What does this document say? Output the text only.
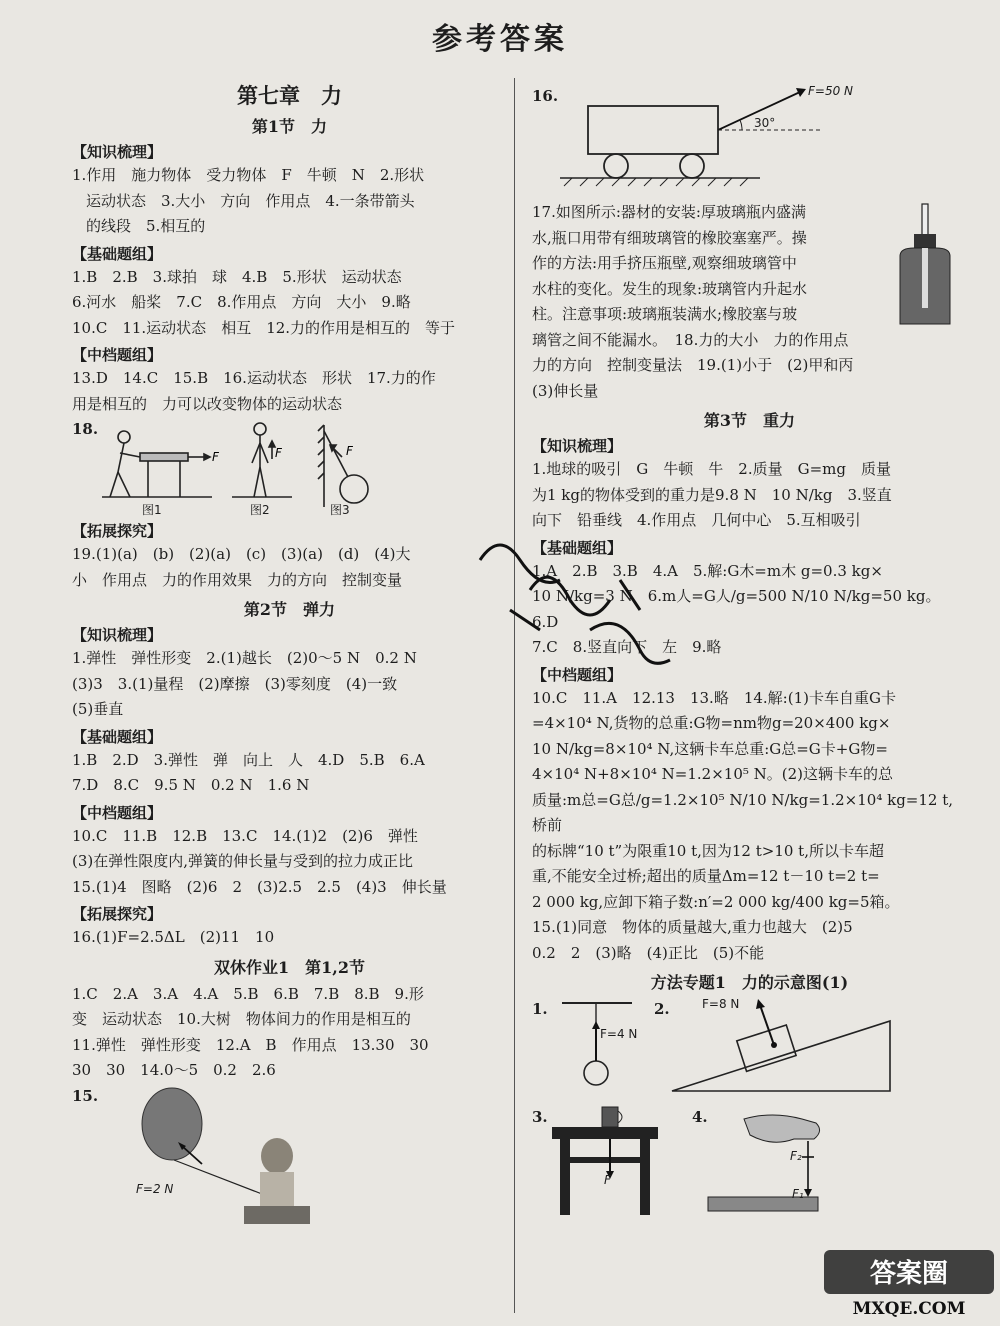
参考答案
第七章　力
第1节　力
【知识梳理】

1.作用　施力物体　受力物体　F　牛顿　N　2.形状

运动状态　3.大小　方向　作用点　4.一条带箭头

的线段　5.相互的

【基础题组】

1.B　2.B　3.球拍　球　4.B　5.形状　运动状态

6.河水　船桨　7.C　8.作用点　方向　大小　9.略

10.C　11.运动状态　相互　12.力的作用是相互的　等于

【中档题组】

13.D　14.C　15.B　16.运动状态　形状　17.力的作

用是相互的　力可以改变物体的运动状态

18.
F	F	F
图1	图2	图3
【拓展探究】

19.(1)(a)　(b)　(2)(a)　(c)　(3)(a)　(d)　(4)大

小　作用点　力的作用效果　力的方向　控制变量

第2节　弹力
【知识梳理】

1.弹性　弹性形变　2.(1)越长　(2)0～5 N　0.2 N

(3)3　3.(1)量程　(2)摩擦　(3)零刻度　(4)一致

(5)垂直

【基础题组】

1.B　2.D　3.弹性　弹　向上　人　4.D　5.B　6.A

7.D　8.C　9.5 N　0.2 N　1.6 N

【中档题组】

10.C　11.B　12.B　13.C　14.(1)2　(2)6　弹性

(3)在弹性限度内,弹簧的伸长量与受到的拉力成正比

15.(1)4　图略　(2)6　2　(3)2.5　2.5　(4)3　伸长量

【拓展探究】

16.(1)F=2.5ΔL　(2)11　10

双休作业1　第1,2节

1.C　2.A　3.A　4.A　5.B　6.B　7.B　8.B　9.形

变　运动状态　10.大树　物体间力的作用是相互的

11.弹性　弹性形变　12.A　B　作用点　13.30　30

30　30　14.0～5　0.2　2.6

15.
F=2 N
16.	F=50 N
30°

17.如图所示:器材的安装:厚玻璃瓶内盛满

水,瓶口用带有细玻璃管的橡胶塞塞严。操

作的方法:用手挤压瓶壁,观察细玻璃管中

水柱的变化。发生的现象:玻璃管内升起水

柱。注意事项:玻璃瓶装满水;橡胶塞与玻

璃管之间不能漏水。　18.力的大小　力的作用点

力的方向　控制变量法　19.(1)小于　(2)甲和丙

(3)伸长量

第3节　重力
【知识梳理】

1.地球的吸引　G　牛顿　牛　2.质量　G=mg　质量

为1 kg的物体受到的重力是9.8 N　10 N/kg　3.竖直

向下　铅垂线　4.作用点　几何中心　5.互相吸引

【基础题组】

1.A　2.B　3.B　4.A　5.解:G木=m木 g=0.3 kg×

10 N/kg=3 N　6.m人=G人/g=500 N/10 N/kg=50 kg。　6.D

7.C　8.竖直向下　左　9.略

【中档题组】

10.C　11.A　12.13　13.略　14.解:(1)卡车自重G卡

=4×10⁴ N,货物的总重:G物=nm物g=20×400 kg×

10 N/kg=8×10⁴ N,这辆卡车总重:G总=G卡+G物=

4×10⁴ N+8×10⁴ N=1.2×10⁵ N。(2)这辆卡车的总

质量:m总=G总/g=1.2×10⁵ N/10 N/kg=1.2×10⁴ kg=12 t,桥前

的标牌“10 t”为限重10 t,因为12 t>10 t,所以卡车超

重,不能安全过桥;超出的质量Δm=12 t－10 t=2 t=

2 000 kg,应卸下箱子数:n′=2 000 kg/400 kg=5箱。

15.(1)同意　物体的质量越大,重力也越大　(2)5

0.2　2　(3)略　(4)正比　(5)不能

方法专题1　力的示意图(1)
1.	2.
3.	4.
F=4 N
F=8 N
F
F₂
F₁
答案圈
MXQE.COM
